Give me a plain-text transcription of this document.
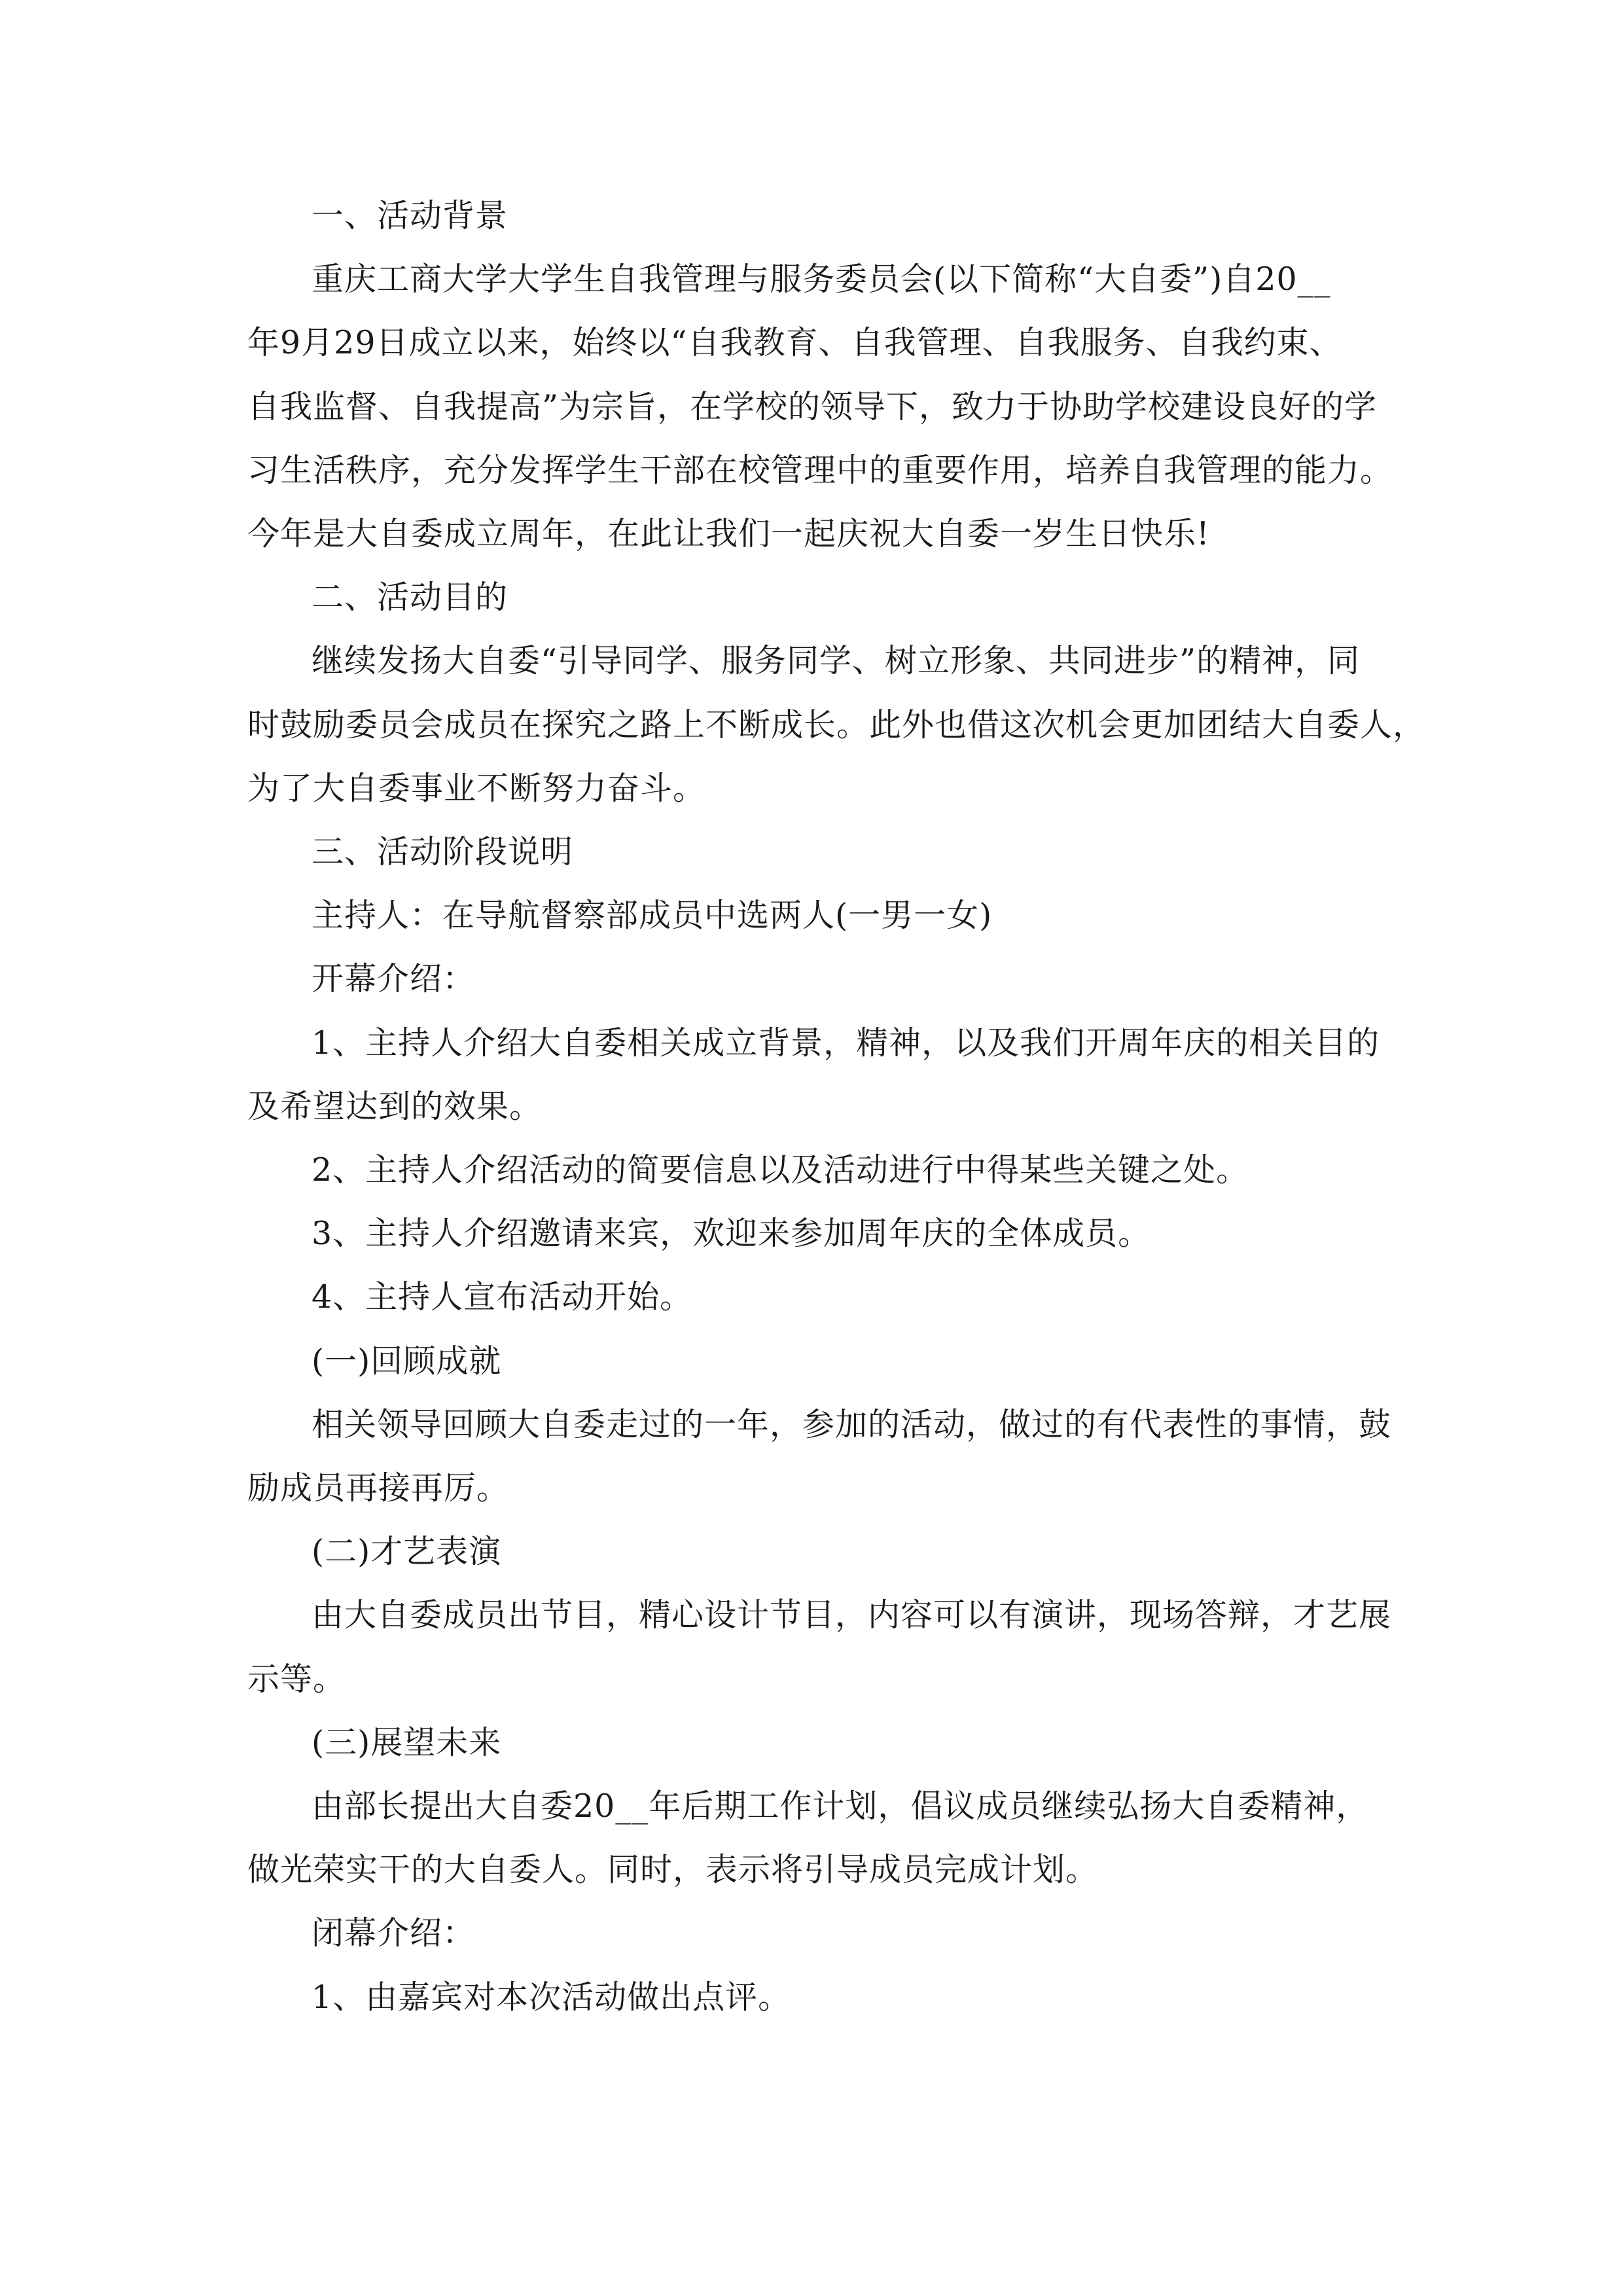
一、活动背景
重庆工商大学大学生自我管理与服务委员会(以下简称“大自委”)自20__
年9月29日成立以来，始终以“自我教育、自我管理、自我服务、自我约束、
自我监督、自我提高”为宗旨，在学校的领导下，致力于协助学校建设良好的学
习生活秩序，充分发挥学生干部在校管理中的重要作用，培养自我管理的能力。
今年是大自委成立周年，在此让我们一起庆祝大自委一岁生日快乐!
二、活动目的
继续发扬大自委“引导同学、服务同学、树立形象、共同进步”的精神，同
时鼓励委员会成员在探究之路上不断成长。此外也借这次机会更加团结大自委人，
为了大自委事业不断努力奋斗。
三、活动阶段说明
主持人：在导航督察部成员中选两人(一男一女)
开幕介绍：
1、主持人介绍大自委相关成立背景，精神，以及我们开周年庆的相关目的
及希望达到的效果。
2、主持人介绍活动的简要信息以及活动进行中得某些关键之处。
3、主持人介绍邀请来宾，欢迎来参加周年庆的全体成员。
4、主持人宣布活动开始。
(一)回顾成就
相关领导回顾大自委走过的一年，参加的活动，做过的有代表性的事情，鼓
励成员再接再厉。
(二)才艺表演
由大自委成员出节目，精心设计节目，内容可以有演讲，现场答辩，才艺展
示等。
(三)展望未来
由部长提出大自委20__年后期工作计划，倡议成员继续弘扬大自委精神，
做光荣实干的大自委人。同时，表示将引导成员完成计划。
闭幕介绍：
1、由嘉宾对本次活动做出点评。
